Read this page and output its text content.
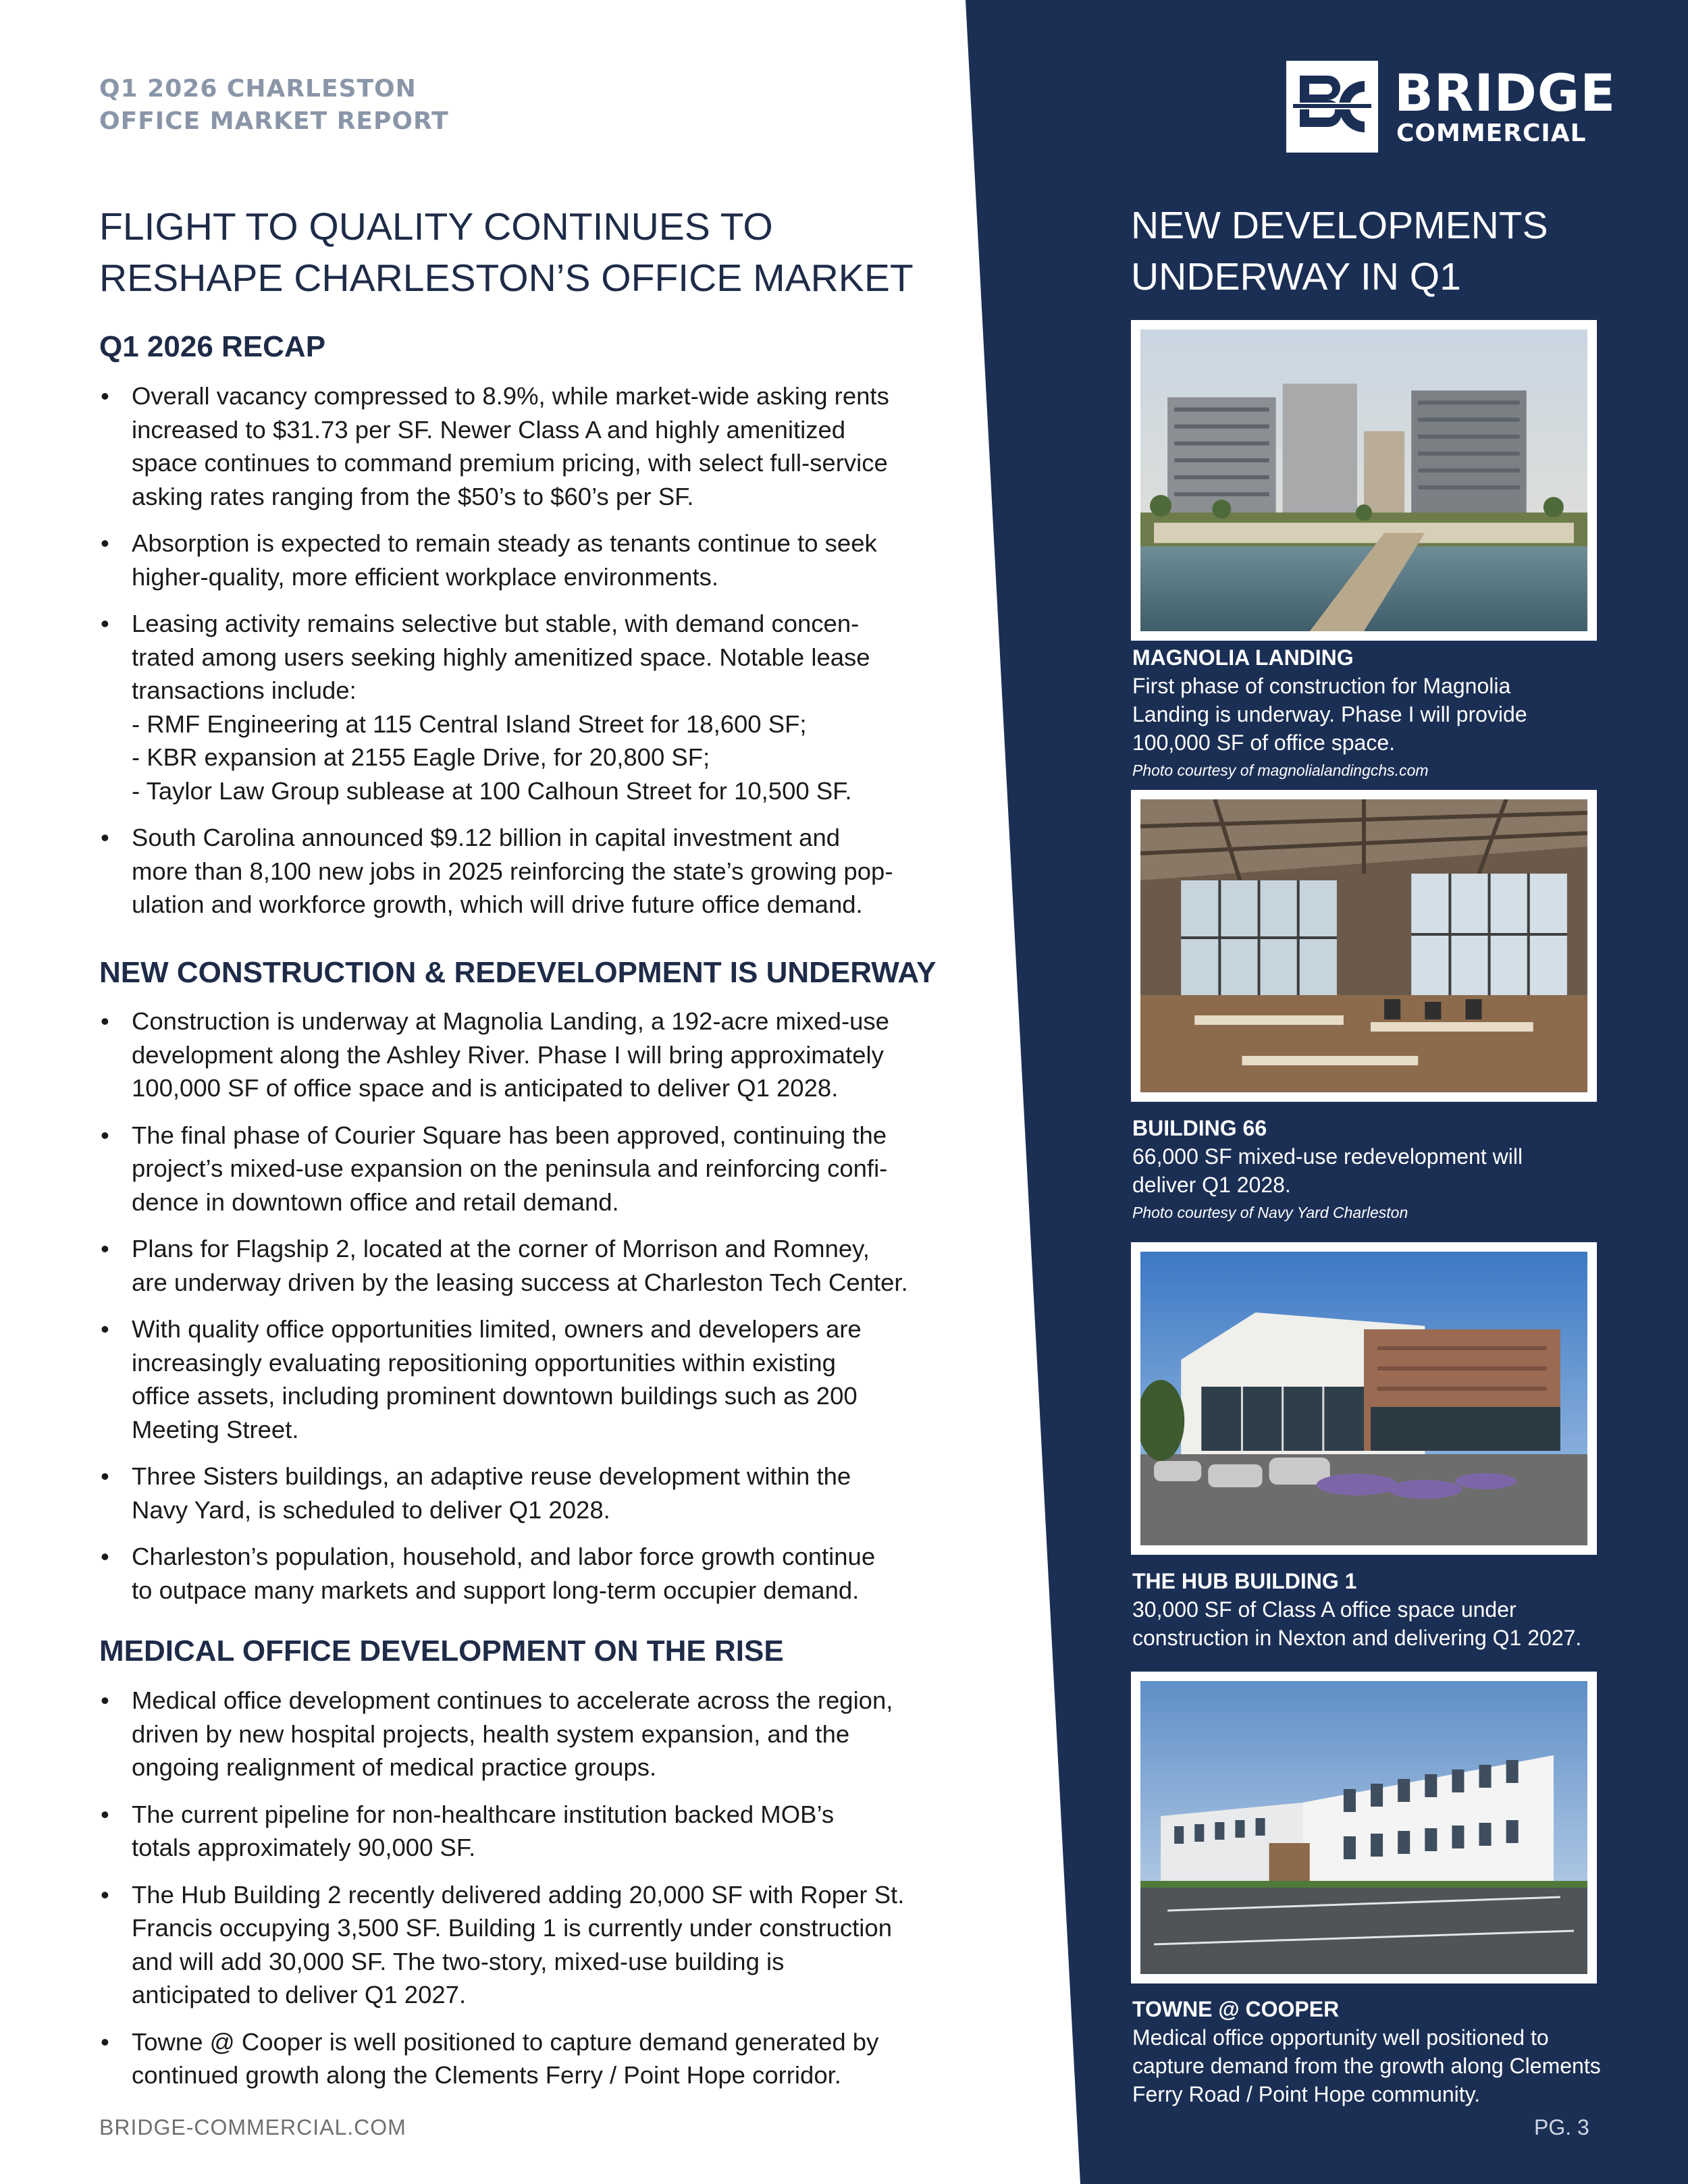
Q1 2026 CHARLESTON
OFFICE MARKET REPORT	BRIDGE
COMMERCIAL
FLIGHT TO QUALITY CONTINUES TO
RESHAPE CHARLESTON’S OFFICE MARKET
Q1 2026 RECAP
• Overall vacancy compressed to 8.9%, while market-wide asking rents
increased to $31.73 per SF. Newer Class A and highly amenitized
space continues to command premium pricing, with select full-service
asking rates ranging from the $50’s to $60’s per SF.
• Absorption is expected to remain steady as tenants continue to seek
higher-quality, more efficient workplace environments.
• Leasing activity remains selective but stable, with demand concen-
trated among users seeking highly amenitized space. Notable lease
transactions include:
- RMF Engineering at 115 Central Island Street for 18,600 SF;
- KBR expansion at 2155 Eagle Drive, for 20,800 SF;
- Taylor Law Group sublease at 100 Calhoun Street for 10,500 SF.
• South Carolina announced $9.12 billion in capital investment and
more than 8,100 new jobs in 2025 reinforcing the state’s growing pop-
ulation and workforce growth, which will drive future office demand.
NEW CONSTRUCTION & REDEVELOPMENT IS UNDERWAY
• Construction is underway at Magnolia Landing, a 192-acre mixed-use
development along the Ashley River. Phase I will bring approximately
100,000 SF of office space and is anticipated to deliver Q1 2028.
• The final phase of Courier Square has been approved, continuing the
project’s mixed-use expansion on the peninsula and reinforcing confi-
dence in downtown office and retail demand.
• Plans for Flagship 2, located at the corner of Morrison and Romney,
are underway driven by the leasing success at Charleston Tech Center.
• With quality office opportunities limited, owners and developers are
increasingly evaluating repositioning opportunities within existing
office assets, including prominent downtown buildings such as 200
Meeting Street.
• Three Sisters buildings, an adaptive reuse development within the
Navy Yard, is scheduled to deliver Q1 2028.
• Charleston’s population, household, and labor force growth continue
to outpace many markets and support long-term occupier demand.
MEDICAL OFFICE DEVELOPMENT ON THE RISE
• Medical office development continues to accelerate across the region,
driven by new hospital projects, health system expansion, and the
ongoing realignment of medical practice groups.
• The current pipeline for non-healthcare institution backed MOB’s
totals approximately 90,000 SF.
• The Hub Building 2 recently delivered adding 20,000 SF with Roper St.
Francis occupying 3,500 SF. Building 1 is currently under construction
and will add 30,000 SF. The two-story, mixed-use building is
anticipated to deliver Q1 2027.
• Towne @ Cooper is well positioned to capture demand generated by
continued growth along the Clements Ferry / Point Hope corridor.
NEW DEVELOPMENTS
UNDERWAY IN Q1
MAGNOLIA LANDING
First phase of construction for Magnolia
Landing is underway. Phase I will provide
100,000 SF of office space.
Photo courtesy of magnolialandingchs.com
BUILDING 66
66,000 SF mixed-use redevelopment will
deliver Q1 2028.
Photo courtesy of Navy Yard Charleston
THE HUB BUILDING 1
30,000 SF of Class A office space under
construction in Nexton and delivering Q1 2027.
TOWNE @ COOPER
Medical office opportunity well positioned to
capture demand from the growth along Clements
Ferry Road / Point Hope community.
BRIDGE-COMMERCIAL.COM	PG. 3
